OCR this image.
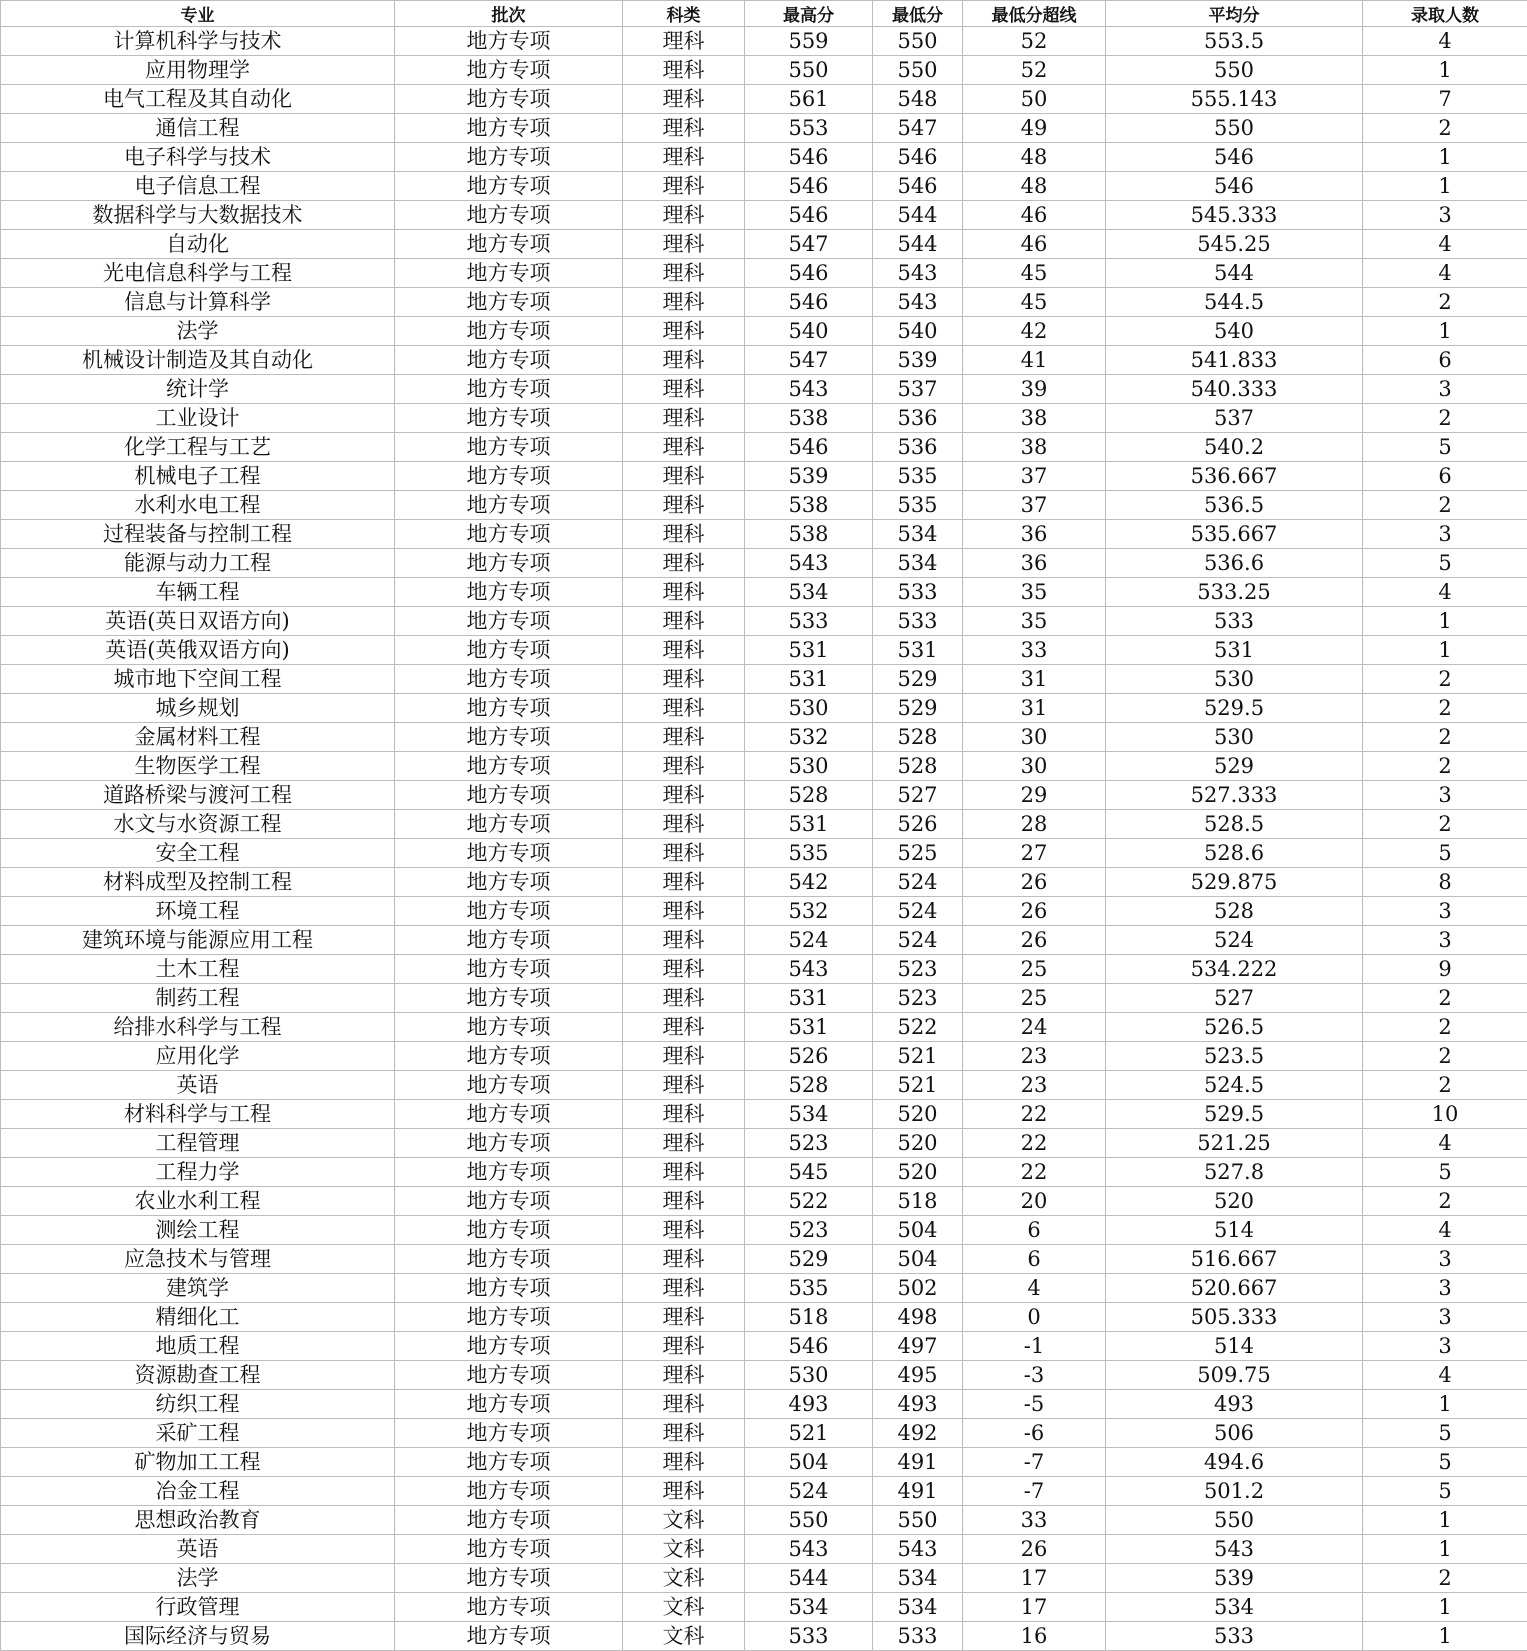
专业	批次	科类	最高分	最低分	最低分超线	平均分	录取人数
计算机科学与技术	地方专项	理科	559	550	52	553.5	4
应用物理学	地方专项	理科	550	550	52	550	1
电气工程及其自动化	地方专项	理科	561	548	50	555.143	7
通信工程	地方专项	理科	553	547	49	550	2
电子科学与技术	地方专项	理科	546	546	48	546	1
电子信息工程	地方专项	理科	546	546	48	546	1
数据科学与大数据技术	地方专项	理科	546	544	46	545.333	3
自动化	地方专项	理科	547	544	46	545.25	4
光电信息科学与工程	地方专项	理科	546	543	45	544	4
信息与计算科学	地方专项	理科	546	543	45	544.5	2
法学	地方专项	理科	540	540	42	540	1
机械设计制造及其自动化	地方专项	理科	547	539	41	541.833	6
统计学	地方专项	理科	543	537	39	540.333	3
工业设计	地方专项	理科	538	536	38	537	2
化学工程与工艺	地方专项	理科	546	536	38	540.2	5
机械电子工程	地方专项	理科	539	535	37	536.667	6
水利水电工程	地方专项	理科	538	535	37	536.5	2
过程装备与控制工程	地方专项	理科	538	534	36	535.667	3
能源与动力工程	地方专项	理科	543	534	36	536.6	5
车辆工程	地方专项	理科	534	533	35	533.25	4
英语(英日双语方向)	地方专项	理科	533	533	35	533	1
英语(英俄双语方向)	地方专项	理科	531	531	33	531	1
城市地下空间工程	地方专项	理科	531	529	31	530	2
城乡规划	地方专项	理科	530	529	31	529.5	2
金属材料工程	地方专项	理科	532	528	30	530	2
生物医学工程	地方专项	理科	530	528	30	529	2
道路桥梁与渡河工程	地方专项	理科	528	527	29	527.333	3
水文与水资源工程	地方专项	理科	531	526	28	528.5	2
安全工程	地方专项	理科	535	525	27	528.6	5
材料成型及控制工程	地方专项	理科	542	524	26	529.875	8
环境工程	地方专项	理科	532	524	26	528	3
建筑环境与能源应用工程	地方专项	理科	524	524	26	524	3
土木工程	地方专项	理科	543	523	25	534.222	9
制药工程	地方专项	理科	531	523	25	527	2
给排水科学与工程	地方专项	理科	531	522	24	526.5	2
应用化学	地方专项	理科	526	521	23	523.5	2
英语	地方专项	理科	528	521	23	524.5	2
材料科学与工程	地方专项	理科	534	520	22	529.5	10
工程管理	地方专项	理科	523	520	22	521.25	4
工程力学	地方专项	理科	545	520	22	527.8	5
农业水利工程	地方专项	理科	522	518	20	520	2
测绘工程	地方专项	理科	523	504	6	514	4
应急技术与管理	地方专项	理科	529	504	6	516.667	3
建筑学	地方专项	理科	535	502	4	520.667	3
精细化工	地方专项	理科	518	498	0	505.333	3
地质工程	地方专项	理科	546	497	-1	514	3
资源勘查工程	地方专项	理科	530	495	-3	509.75	4
纺织工程	地方专项	理科	493	493	-5	493	1
采矿工程	地方专项	理科	521	492	-6	506	5
矿物加工工程	地方专项	理科	504	491	-7	494.6	5
冶金工程	地方专项	理科	524	491	-7	501.2	5
思想政治教育	地方专项	文科	550	550	33	550	1
英语	地方专项	文科	543	543	26	543	1
法学	地方专项	文科	544	534	17	539	2
行政管理	地方专项	文科	534	534	17	534	1
国际经济与贸易	地方专项	文科	533	533	16	533	1
